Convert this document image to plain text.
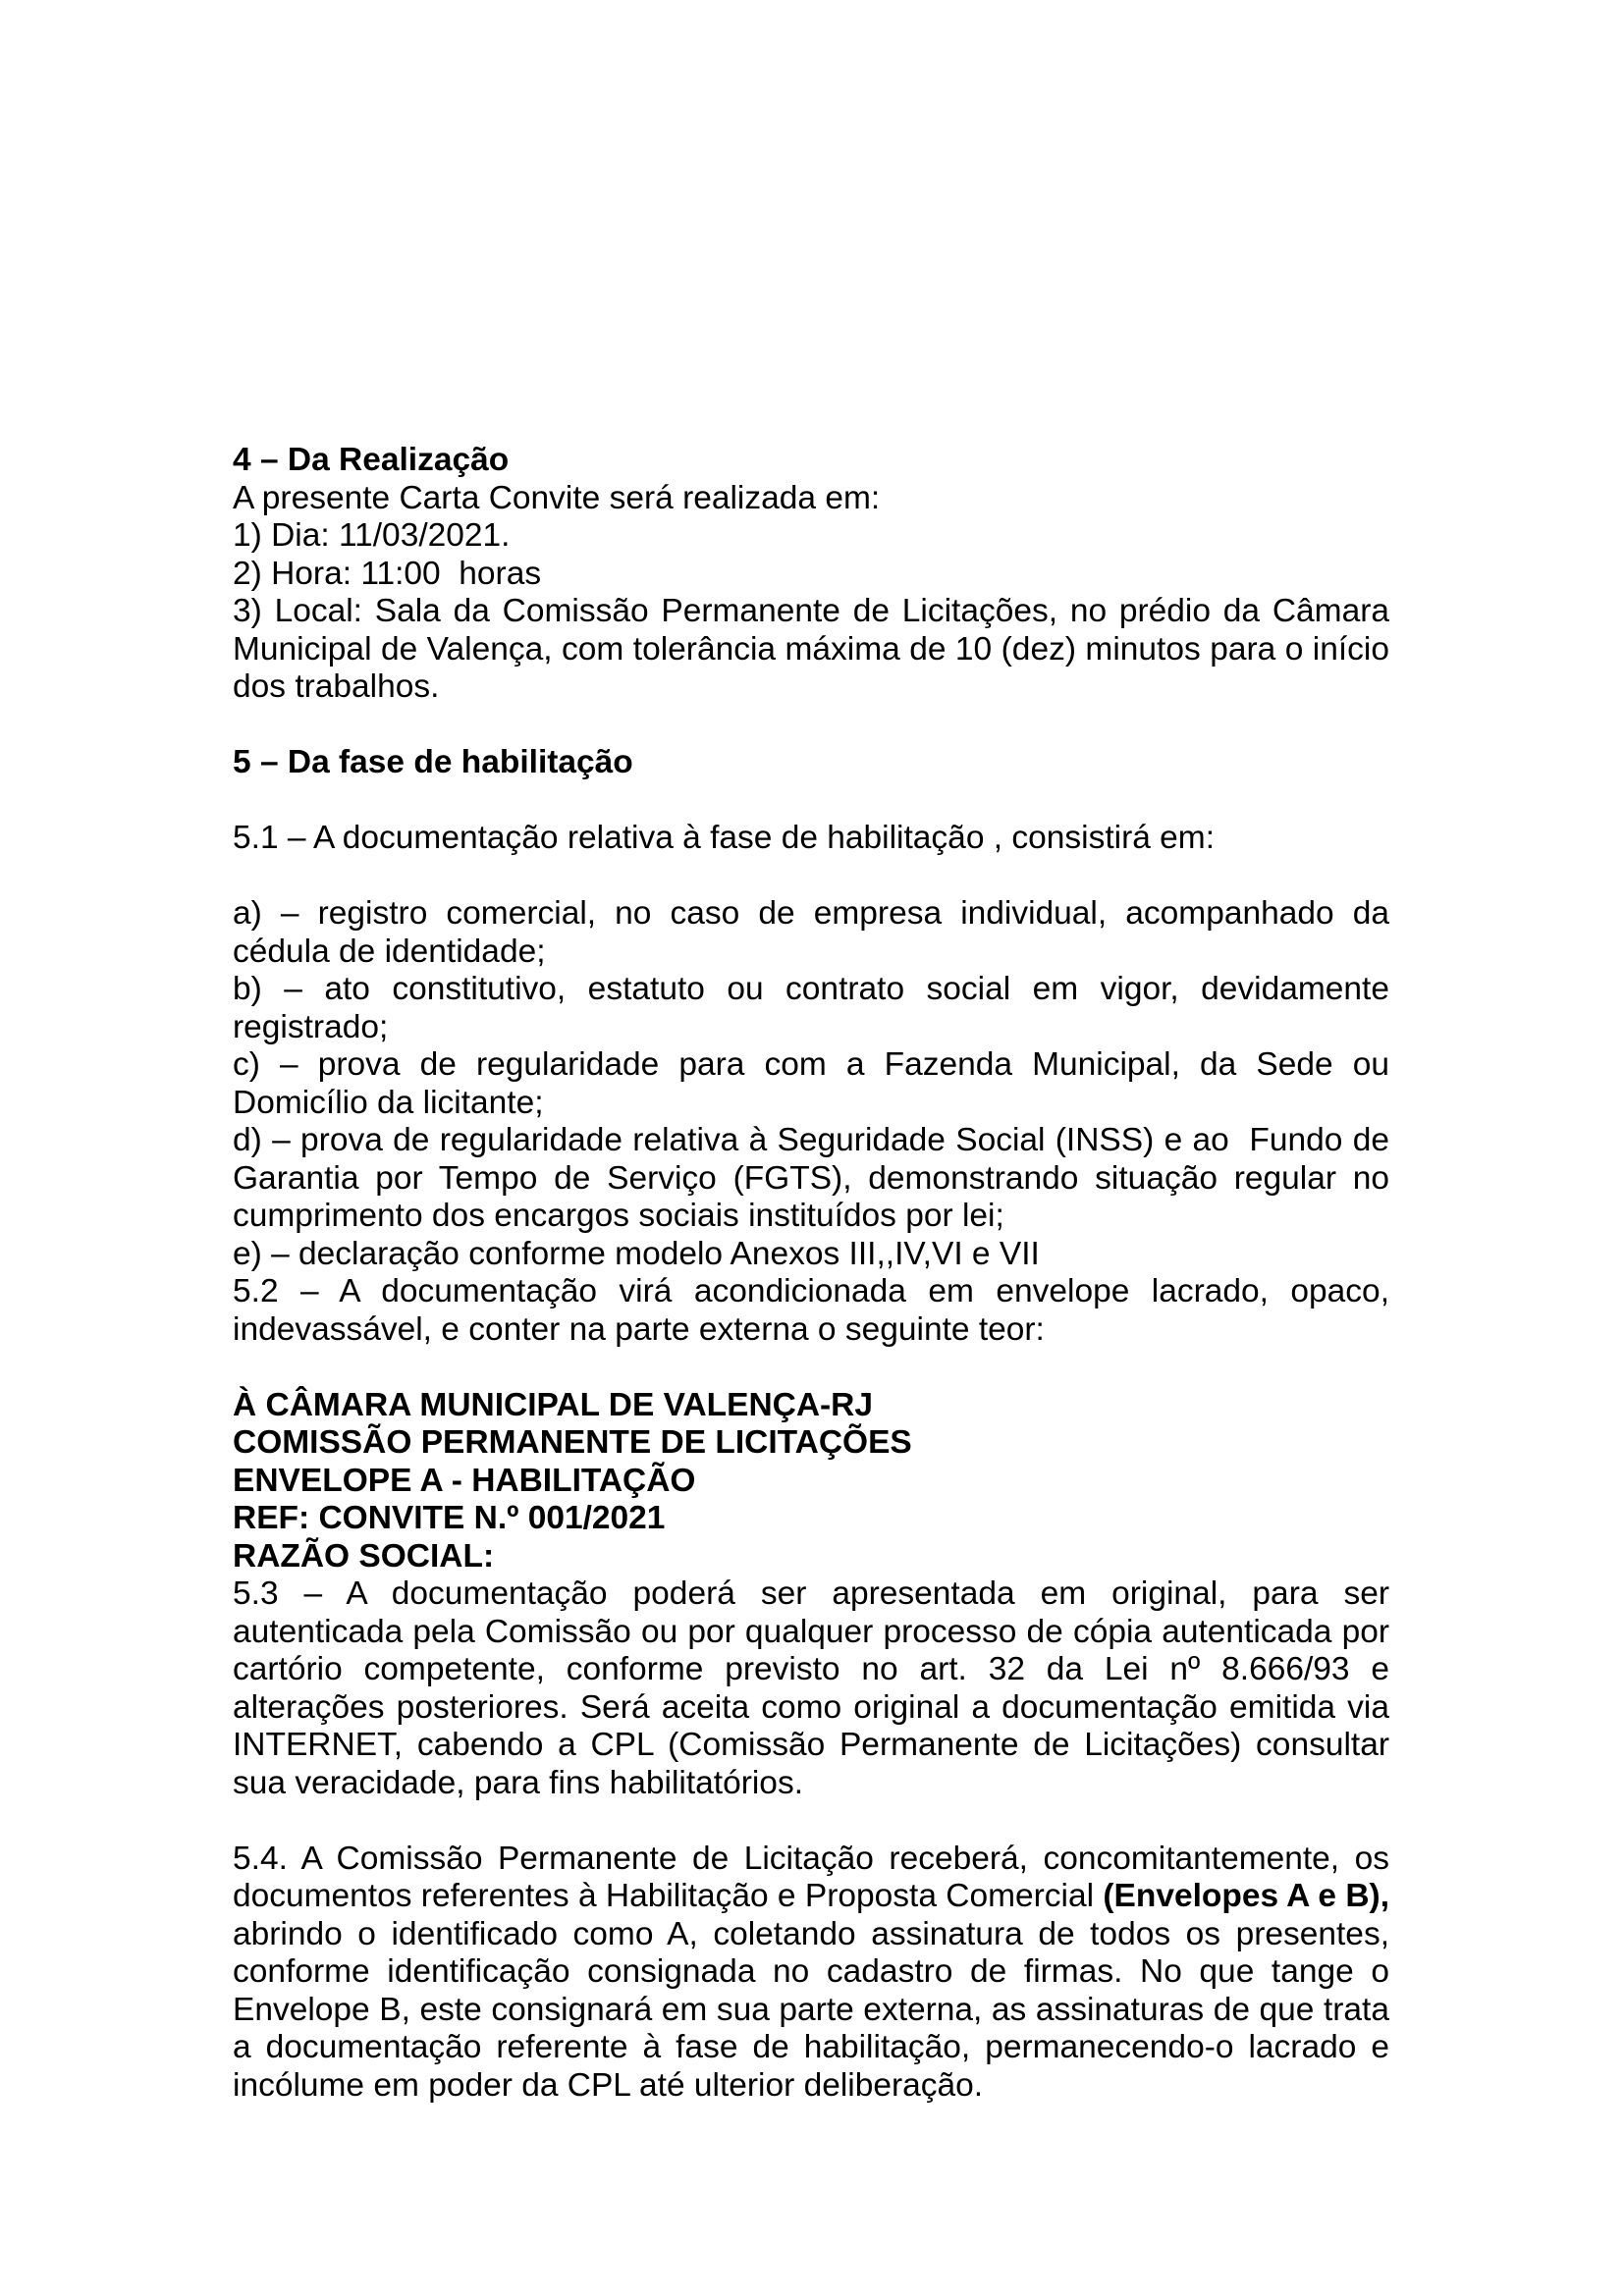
4 – Da Realização

A presente Carta Convite será realizada em:

1) Dia: 11/03/2021.

2) Hora: 11:00  horas

3) Local: Sala da Comissão Permanente de Licitações, no prédio da Câmara Municipal de Valença, com tolerância máxima de 10 (dez) minutos para o início dos trabalhos.

5 – Da fase de habilitação

5.1 – A documentação relativa à fase de habilitação , consistirá em:

a) – registro comercial, no caso de empresa individual, acompanhado da cédula de identidade;

b) – ato constitutivo, estatuto ou contrato social em vigor, devidamente registrado;

c) – prova de regularidade para com a Fazenda Municipal, da Sede ou Domicílio da licitante;

d) – prova de regularidade relativa à Seguridade Social (INSS) e ao  Fundo de Garantia por Tempo de Serviço (FGTS), demonstrando situação regular no cumprimento dos encargos sociais instituídos por lei;

e) – declaração conforme modelo Anexos III,,IV,VI e VII

5.2 – A documentação virá acondicionada em envelope lacrado, opaco, indevassável, e conter na parte externa o seguinte teor:

À CÂMARA MUNICIPAL DE VALENÇA-RJ

COMISSÃO PERMANENTE DE LICITAÇÕES

ENVELOPE A - HABILITAÇÃO

REF: CONVITE N.º 001/2021

RAZÃO SOCIAL:

5.3 – A documentação poderá ser apresentada em original, para ser autenticada pela Comissão ou por qualquer processo de cópia autenticada por cartório competente, conforme previsto no art. 32 da Lei nº 8.666/93 e alterações posteriores. Será aceita como original a documentação emitida via INTERNET, cabendo a CPL (Comissão Permanente de Licitações) consultar sua veracidade, para fins habilitatórios.

5.4. A Comissão Permanente de Licitação receberá, concomitantemente, os documentos referentes à Habilitação e Proposta Comercial (Envelopes A e B), abrindo o identificado como A, coletando assinatura de todos os presentes, conforme identificação consignada no cadastro de firmas. No que tange o Envelope B, este consignará em sua parte externa, as assinaturas de que trata a documentação referente à fase de habilitação, permanecendo-o lacrado e incólume em poder da CPL até ulterior deliberação.
